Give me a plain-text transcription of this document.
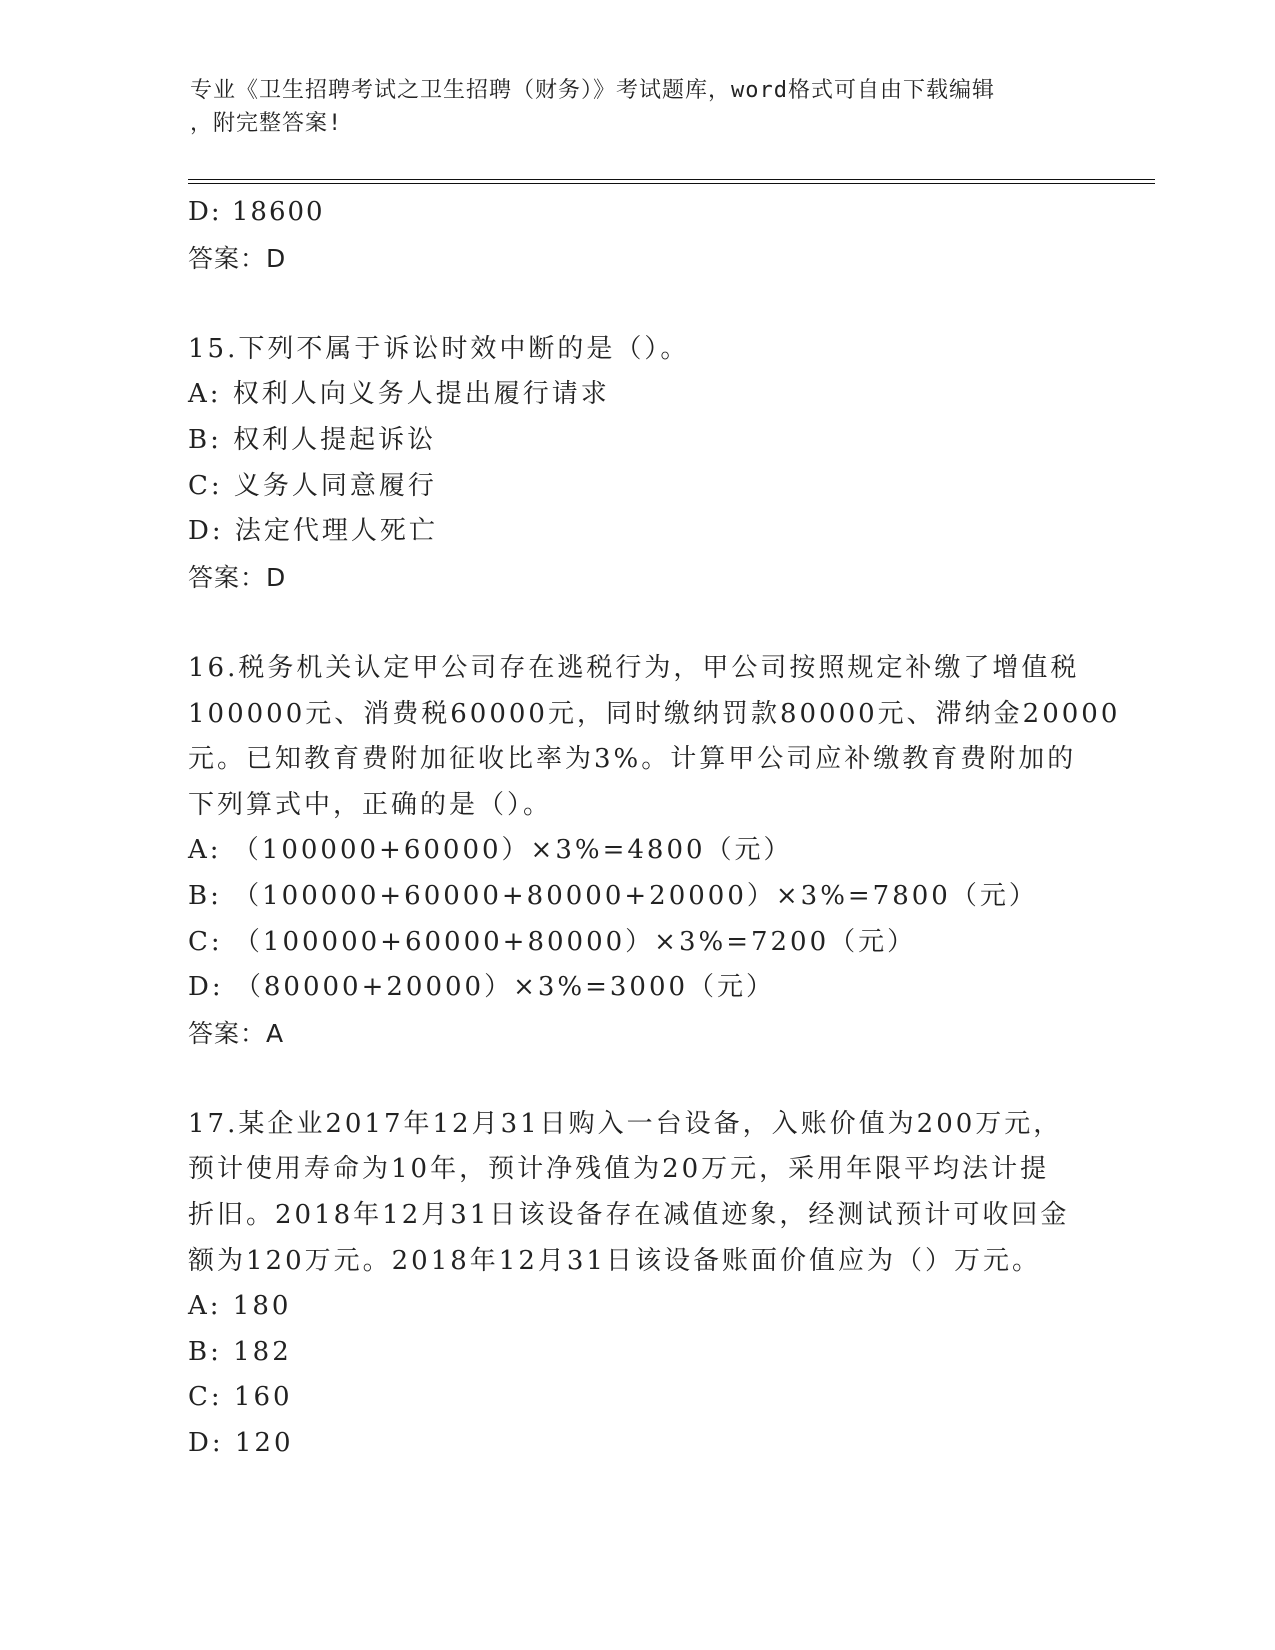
专业《卫生招聘考试之卫生招聘（财务）》考试题库，word格式可自由下载编辑
，附完整答案!
D: 18600
答案：D
15.下列不属于诉讼时效中断的是（）。
A: 权利人向义务人提出履行请求
B: 权利人提起诉讼
C: 义务人同意履行
D: 法定代理人死亡
答案：D
16.税务机关认定甲公司存在逃税行为，甲公司按照规定补缴了增值税
100000元、消费税60000元，同时缴纳罚款80000元、滞纳金20000
元。已知教育费附加征收比率为3%。计算甲公司应补缴教育费附加的
下列算式中，正确的是（）。
A: （100000+60000）×3%=4800（元）
B: （100000+60000+80000+20000）×3%=7800（元）
C: （100000+60000+80000）×3%=7200（元）
D: （80000+20000）×3%=3000（元）
答案：A
17.某企业2017年12月31日购入一台设备，入账价值为200万元，
预计使用寿命为10年，预计净残值为20万元，采用年限平均法计提
折旧。2018年12月31日该设备存在减值迹象，经测试预计可收回金
额为120万元。2018年12月31日该设备账面价值应为（）万元。
A: 180
B: 182
C: 160
D: 120
